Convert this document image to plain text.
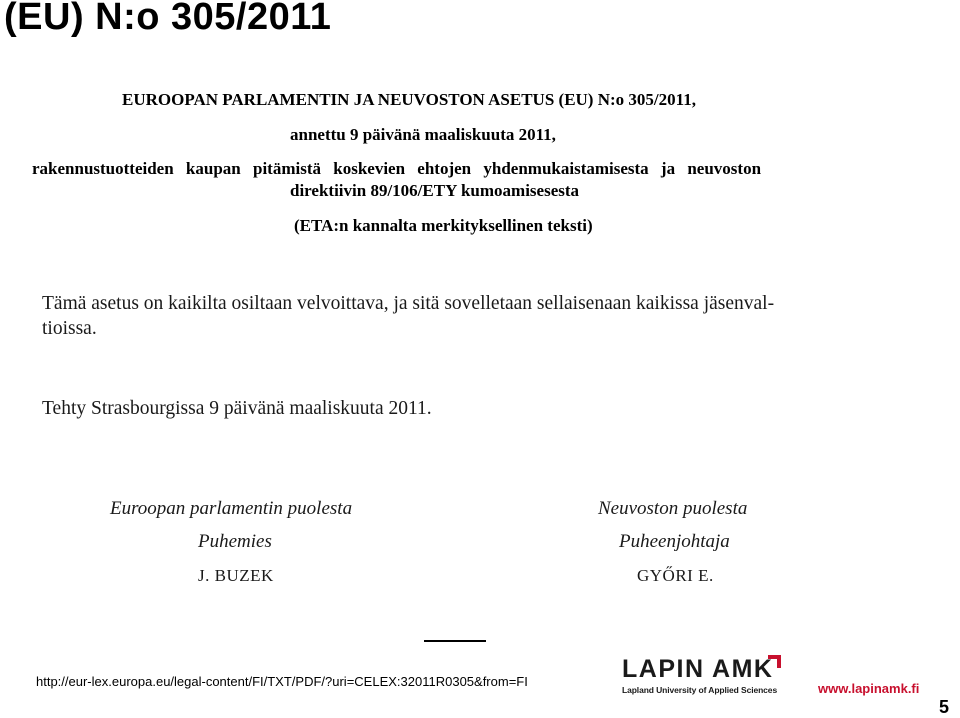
(EU) N:o 305/2011
EUROOPAN PARLAMENTIN JA NEUVOSTON ASETUS (EU) N:o 305/2011,
annettu 9 päivänä maaliskuuta 2011,
rakennustuotteiden kaupan pitämistä koskevien ehtojen yhdenmukaistamisesta ja neuvoston
direktiivin 89/106/ETY kumoamisesesta
(ETA:n kannalta merkityksellinen teksti)
Tämä asetus on kaikilta osiltaan velvoittava, ja sitä sovelletaan sellaisenaan kaikissa jäsenval-
tioissa.
Tehty Strasbourgissa 9 päivänä maaliskuuta 2011.
Euroopan parlamentin puolesta
Puhemies
J. BUZEK
Neuvoston puolesta
Puheenjohtaja
GYŐRI E.
http://eur-lex.europa.eu/legal-content/FI/TXT/PDF/?uri=CELEX:32011R0305&from=FI	LAPIN AMK
Lapland University of Applied Sciences	www.lapinamk.fi
5
